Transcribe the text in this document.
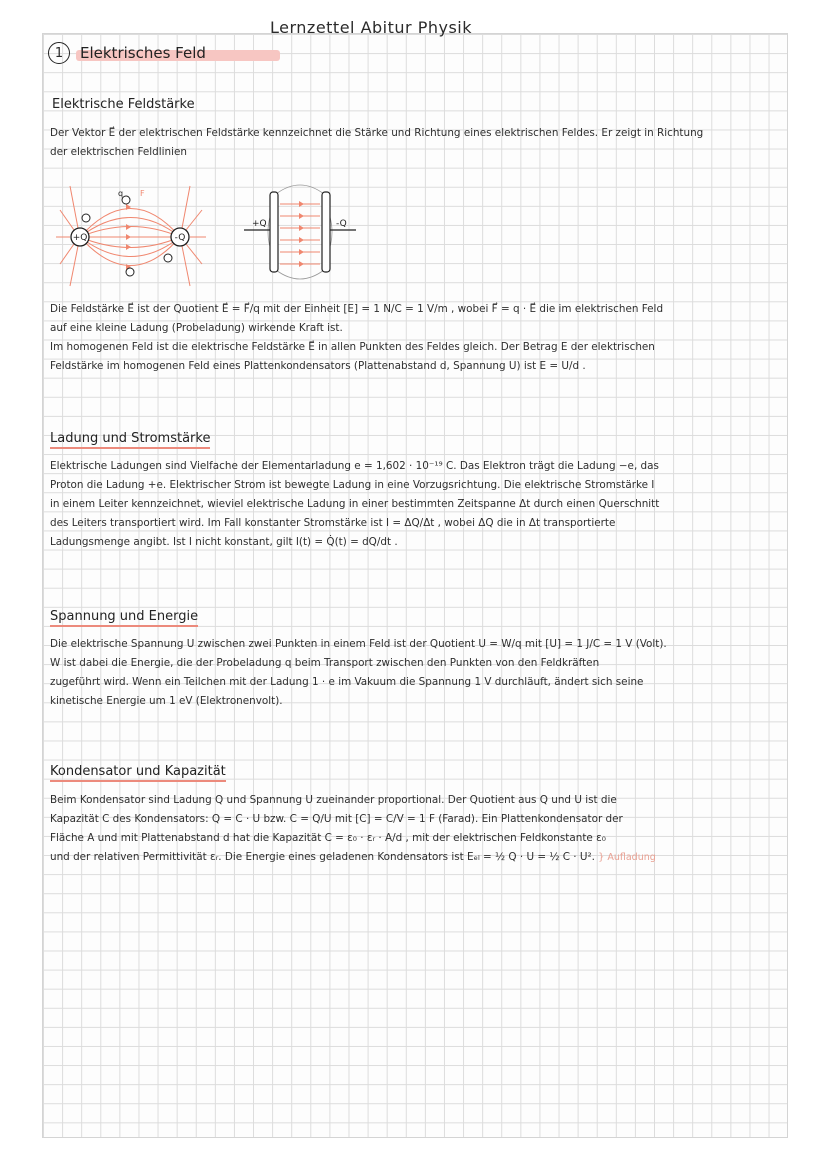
Lernzettel Abitur Physik
1	Elektrisches Feld
Elektrische Feldstärke

Der Vektor E⃗ der elektrischen Feldstärke kennzeichnet die Stärke und Richtung eines elektrischen Feldes. Er zeigt in Richtung

der elektrischen Feldlinien

+Q	-Q
q F
+Q	-Q

Die Feldstärke E⃗ ist der Quotient E⃗ = F⃗/q mit der Einheit [E] = 1 N/C = 1 V/m , wobei F⃗ = q · E⃗ die im elektrischen Feld

auf eine kleine Ladung (Probeladung) wirkende Kraft ist.

Im homogenen Feld ist die elektrische Feldstärke E⃗ in allen Punkten des Feldes gleich. Der Betrag E der elektrischen

Feldstärke im homogenen Feld eines Plattenkondensators (Plattenabstand d, Spannung U) ist E = U/d .

Ladung und Stromstärke

Elektrische Ladungen sind Vielfache der Elementarladung e = 1,602 · 10⁻¹⁹ C. Das Elektron trägt die Ladung −e, das

Proton die Ladung +e. Elektrischer Strom ist bewegte Ladung in eine Vorzugsrichtung. Die elektrische Stromstärke I

in einem Leiter kennzeichnet, wieviel elektrische Ladung in einer bestimmten Zeitspanne Δt durch einen Querschnitt

des Leiters transportiert wird. Im Fall konstanter Stromstärke ist I = ΔQ/Δt , wobei ΔQ die in Δt transportierte

Ladungsmenge angibt. Ist I nicht konstant, gilt I(t) = Q̇(t) = dQ/dt .

Spannung und Energie

Die elektrische Spannung U zwischen zwei Punkten in einem Feld ist der Quotient U = W/q mit [U] = 1 J/C = 1 V (Volt).

W ist dabei die Energie, die der Probeladung q beim Transport zwischen den Punkten von den Feldkräften

zugeführt wird. Wenn ein Teilchen mit der Ladung 1 · e im Vakuum die Spannung 1 V durchläuft, ändert sich seine

kinetische Energie um 1 eV (Elektronenvolt).

Kondensator und Kapazität

Beim Kondensator sind Ladung Q und Spannung U zueinander proportional. Der Quotient aus Q und U ist die

Kapazität C des Kondensators: Q = C · U bzw. C = Q/U mit [C] = C/V = 1 F (Farad). Ein Plattenkondensator der

Fläche A und mit Plattenabstand d hat die Kapazität C = ε₀ · εᵣ · A/d , mit der elektrischen Feldkonstante ε₀

und der relativen Permittivität εᵣ. Die Energie eines geladenen Kondensators ist Eₑₗ = ½ Q · U = ½ C · U². } Aufladung
